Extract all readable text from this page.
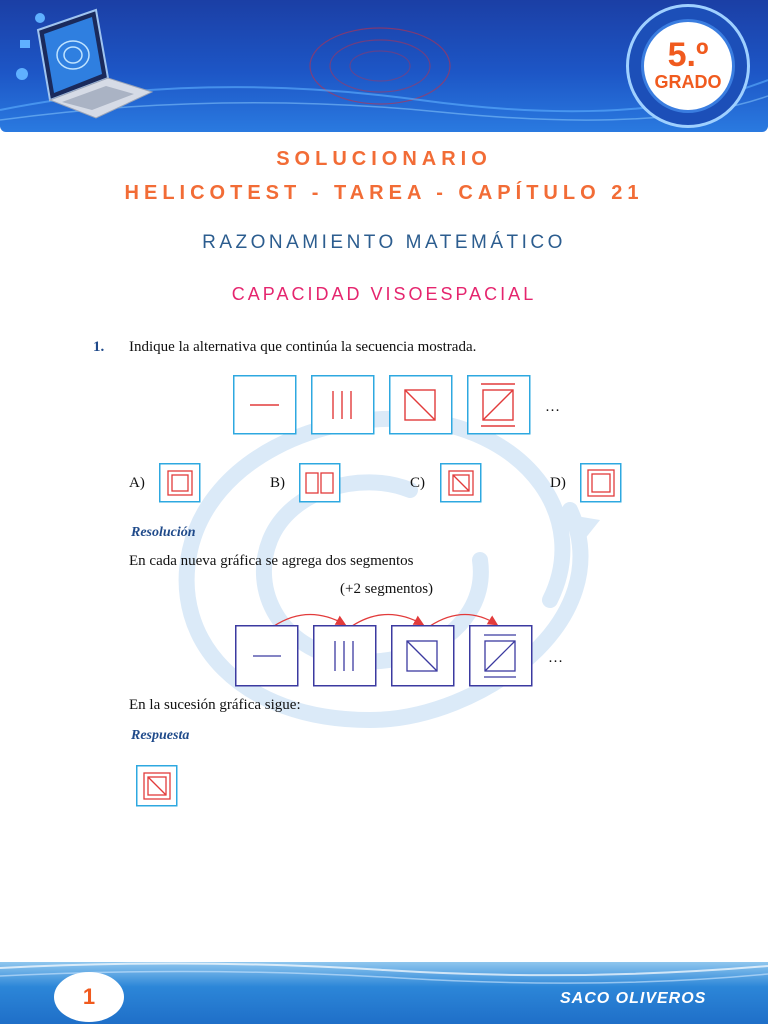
5.º
GRADO
SOLUCIONARIO
HELICOTEST - TAREA - CAPÍTULO 21
RAZONAMIENTO MATEMÁTICO
CAPACIDAD VISOESPACIAL
1. Indique la alternativa que continúa la secuencia mostrada.
…
A)	B)	C)	D)
Resolución
En cada nueva gráfica se agrega dos segmentos
(+2 segmentos)
…
En la sucesión gráfica sigue:
Respuesta
1	SACO OLIVEROS
